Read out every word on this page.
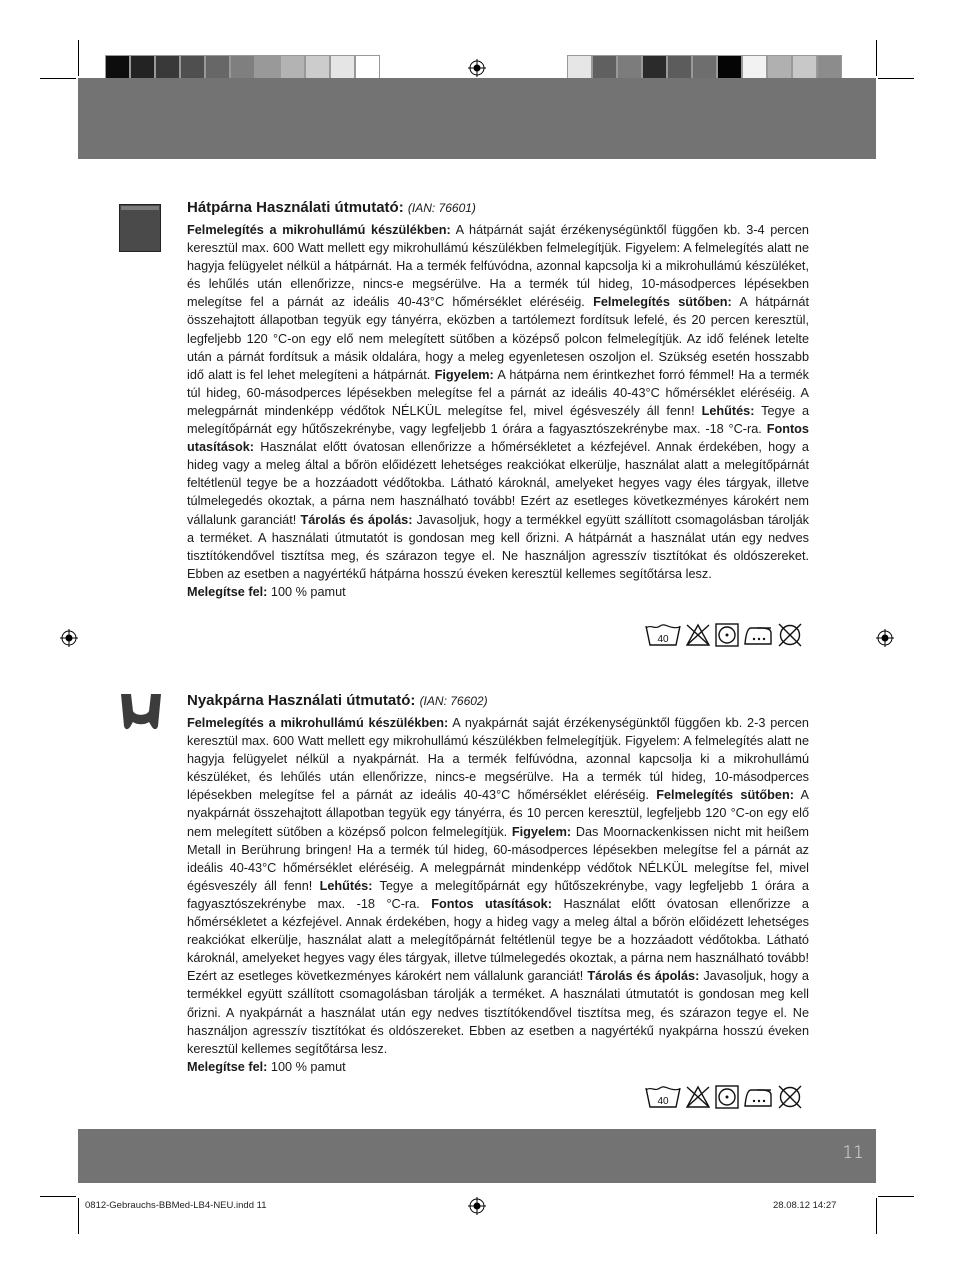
Hátpárna Használati útmutató: (IAN: 76601)

Felmelegítés a mikrohullámú készülékben: A hátpárnát saját érzékenységünktől függően kb. 3-4 percen keresztül max. 600 Watt mellett egy mikrohullámú készülékben felmelegítjük. Figyelem: A felmelegítés alatt ne hagyja felügyelet nélkül a hátpárnát. Ha a termék felfúvódna, azonnal kapcsolja ki a mikrohullámú készüléket, és lehűlés után ellenőrizze, nincs-e megsérülve. Ha a termék túl hideg, 10-másodperces lépésekben melegítse fel a párnát az ideális 40-43°C hőmérséklet eléréséig. Felmelegítés sütőben: A hátpárnát összehajtott állapotban tegyük egy tányérra, eközben a tartólemezt fordítsuk lefelé, és 20 percen keresztül, legfeljebb 120 °C-on egy elő nem melegített sütőben a középső polcon felmelegítjük. Az idő felének letelte után a párnát fordítsuk a másik oldalára, hogy a meleg egyenletesen oszoljon el. Szükség esetén hosszabb idő alatt is fel lehet melegíteni a hátpárnát. Figyelem: A hátpárna nem érintkezhet forró fémmel! Ha a termék túl hideg, 60-másodperces lépésekben melegítse fel a párnát az ideális 40-43°C hőmérséklet eléréséig. A melegpárnát mindenképp védőtok NÉLKÜL melegítse fel, mivel égésveszély áll fenn! Lehűtés: Tegye a melegítőpárnát egy hűtőszekrénybe, vagy legfeljebb 1 órára a fagyasztószekrénybe max. -18 °C-ra. Fontos utasítások: Használat előtt óvatosan ellenőrizze a hőmérsékletet a kézfejével. Annak érdekében, hogy a hideg vagy a meleg által a bőrön előidézett lehetséges reakciókat elkerülje, használat alatt a melegítőpárnát feltétlenül tegye be a hozzáadott védőtokba. Látható károknál, amelyeket hegyes vagy éles tárgyak, illetve túlmelegedés okoztak, a párna nem használható tovább! Ezért az esetleges következményes károkért nem vállalunk garanciát! Tárolás és ápolás: Javasoljuk, hogy a termékkel együtt szállított csomagolásban tárolják a terméket. A használati útmutatót is gondosan meg kell őrizni. A hátpárnát a használat után egy nedves tisztítókendővel tisztítsa meg, és szárazon tegye el. Ne használjon agresszív tisztítókat és oldószereket. Ebben az esetben a nagyértékű hátpárna hosszú éveken keresztül kellemes segítőtársa lesz.

Melegítse fel: 100 % pamut

40
Nyakpárna Használati útmutató: (IAN: 76602)

Felmelegítés a mikrohullámú készülékben: A nyakpárnát saját érzékenységünktől függően kb. 2-3 percen keresztül max. 600 Watt mellett egy mikrohullámú készülékben felmelegítjük. Figyelem: A felmelegítés alatt ne hagyja felügyelet nélkül a nyakpárnát. Ha a termék felfúvódna, azonnal kapcsolja ki a mikrohullámú készüléket, és lehűlés után ellenőrizze, nincs-e megsérülve. Ha a termék túl hideg, 10-másodperces lépésekben melegítse fel a párnát az ideális 40-43°C hőmérséklet eléréséig. Felmelegítés sütőben: A nyakpárnát összehajtott állapotban tegyük egy tányérra, és 10 percen keresztül, legfeljebb 120 °C-on egy elő nem melegített sütőben a középső polcon felmelegítjük. Figyelem: Das Moornackenkissen nicht mit heißem Metall in Berührung bringen! Ha a termék túl hideg, 60-másodperces lépésekben melegítse fel a párnát az ideális 40-43°C hőmérséklet eléréséig. A melegpárnát mindenképp védőtok NÉLKÜL melegítse fel, mivel égésveszély áll fenn! Lehűtés: Tegye a melegítőpárnát egy hűtőszekrénybe, vagy legfeljebb 1 órára a fagyasztószekrénybe max. -18 °C-ra. Fontos utasítások: Használat előtt óvatosan ellenőrizze a hőmérsékletet a kézfejével. Annak érdekében, hogy a hideg vagy a meleg által a bőrön előidézett lehetséges reakciókat elkerülje, használat alatt a melegítőpárnát feltétlenül tegye be a hozzáadott védőtokba. Látható károknál, amelyeket hegyes vagy éles tárgyak, illetve túlmelegedés okoztak, a párna nem használható tovább! Ezért az esetleges következményes károkért nem vállalunk garanciát! Tárolás és ápolás: Javasoljuk, hogy a termékkel együtt szállított csomagolásban tárolják a terméket. A használati útmutatót is gondosan meg kell őrizni. A nyakpárnát a használat után egy nedves tisztítókendővel tisztítsa meg, és szárazon tegye el. Ne használjon agresszív tisztítókat és oldószereket. Ebben az esetben a nagyértékű nyakpárna hosszú éveken keresztül kellemes segítőtársa lesz.

Melegítse fel: 100 % pamut

40
11
0812-Gebrauchs-BBMed-LB4-NEU.indd 11	28.08.12 14:27
